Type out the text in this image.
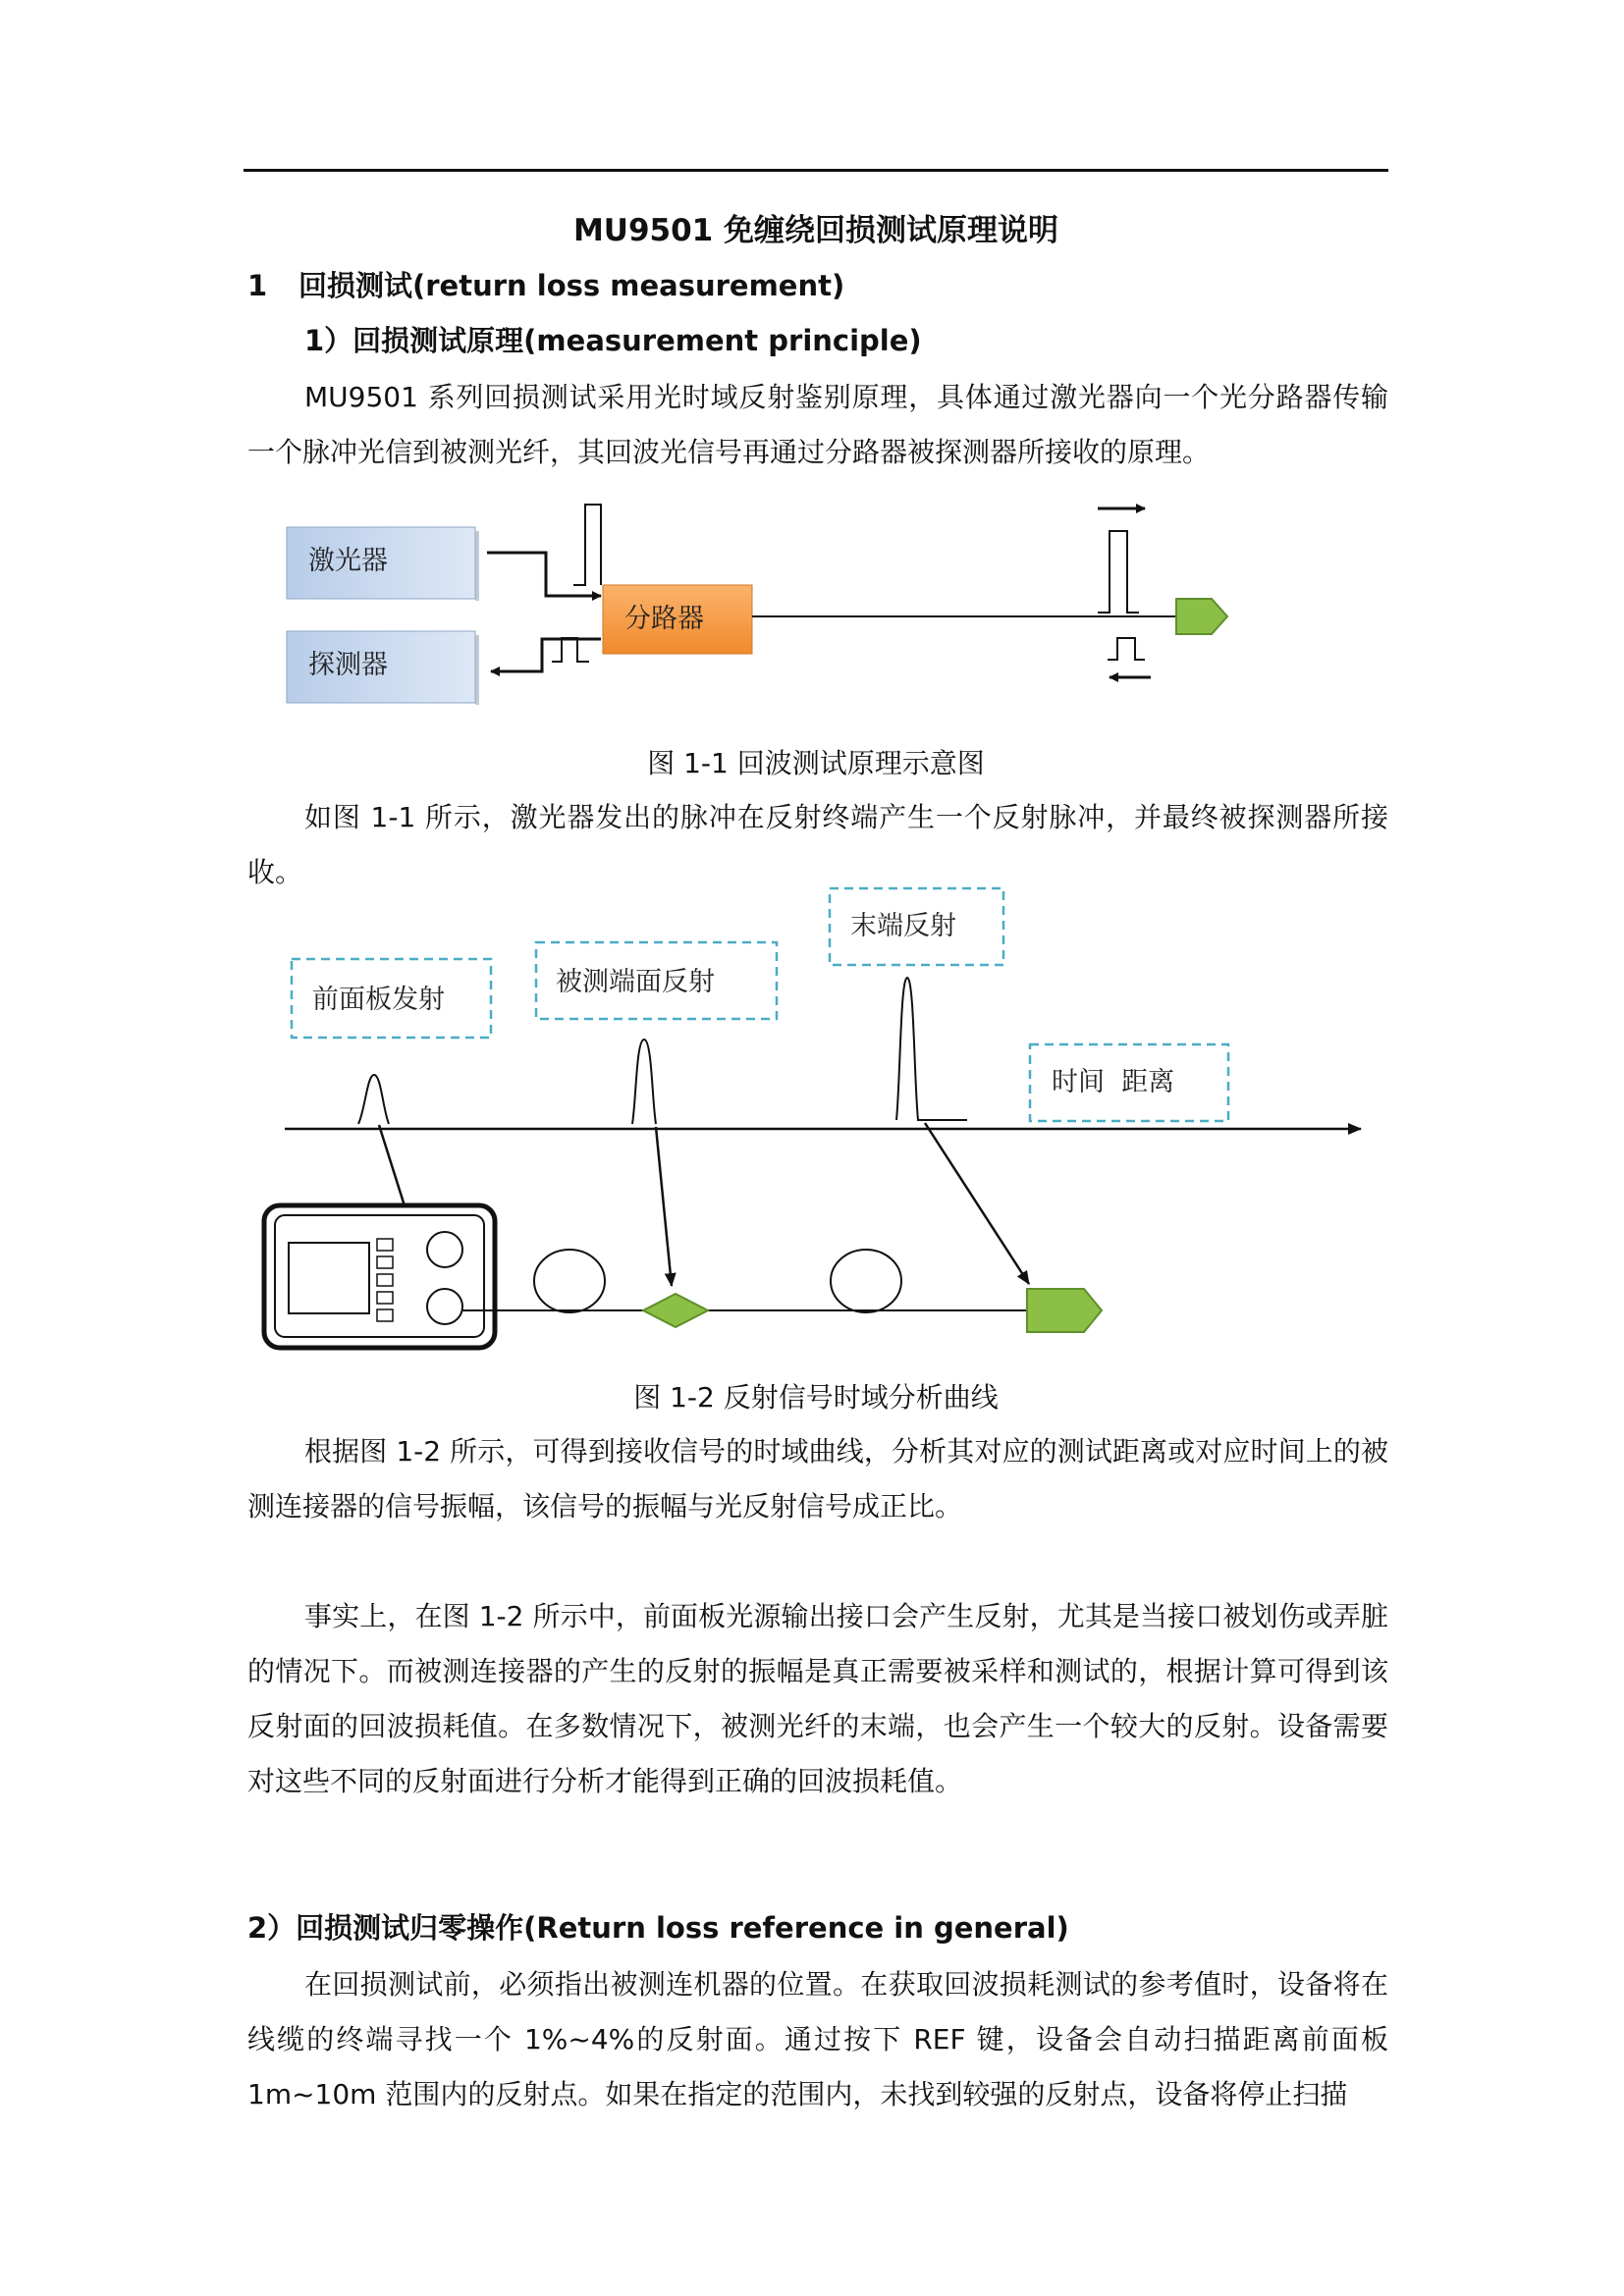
MU9501 免缠绕回损测试原理说明
1 回损测试(return loss measurement)
1）回损测试原理(measurement principle)

MU9501 系列回损测试采用光时域反射鉴别原理，具体通过激光器向一个光分路器传输一个脉冲光信到被测光纤，其回波光信号再通过分路器被探测器所接收的原理。

激光器
探测器
分路器
图 1-1 回波测试原理示意图

如图 1-1 所示，激光器发出的脉冲在反射终端产生一个反射脉冲，并最终被探测器所接收。

前面板发射
被测端面反射
末端反射
时间  距离
图 1-2 反射信号时域分析曲线

根据图 1-2 所示，可得到接收信号的时域曲线，分析其对应的测试距离或对应时间上的被测连接器的信号振幅，该信号的振幅与光反射信号成正比。

事实上，在图 1-2 所示中，前面板光源输出接口会产生反射，尤其是当接口被划伤或弄脏的情况下。而被测连接器的产生的反射的振幅是真正需要被采样和测试的，根据计算可得到该反射面的回波损耗值。在多数情况下，被测光纤的末端，也会产生一个较大的反射。设备需要对这些不同的反射面进行分析才能得到正确的回波损耗值。

2）回损测试归零操作(Return loss reference in general)

在回损测试前，必须指出被测连机器的位置。在获取回波损耗测试的参考值时，设备将在线缆的终端寻找一个 1%~4%的反射面。通过按下 REF 键，设备会自动扫描距离前面板 1m~10m 范围内的反射点。如果在指定的范围内，未找到较强的反射点，设备将停止扫描
